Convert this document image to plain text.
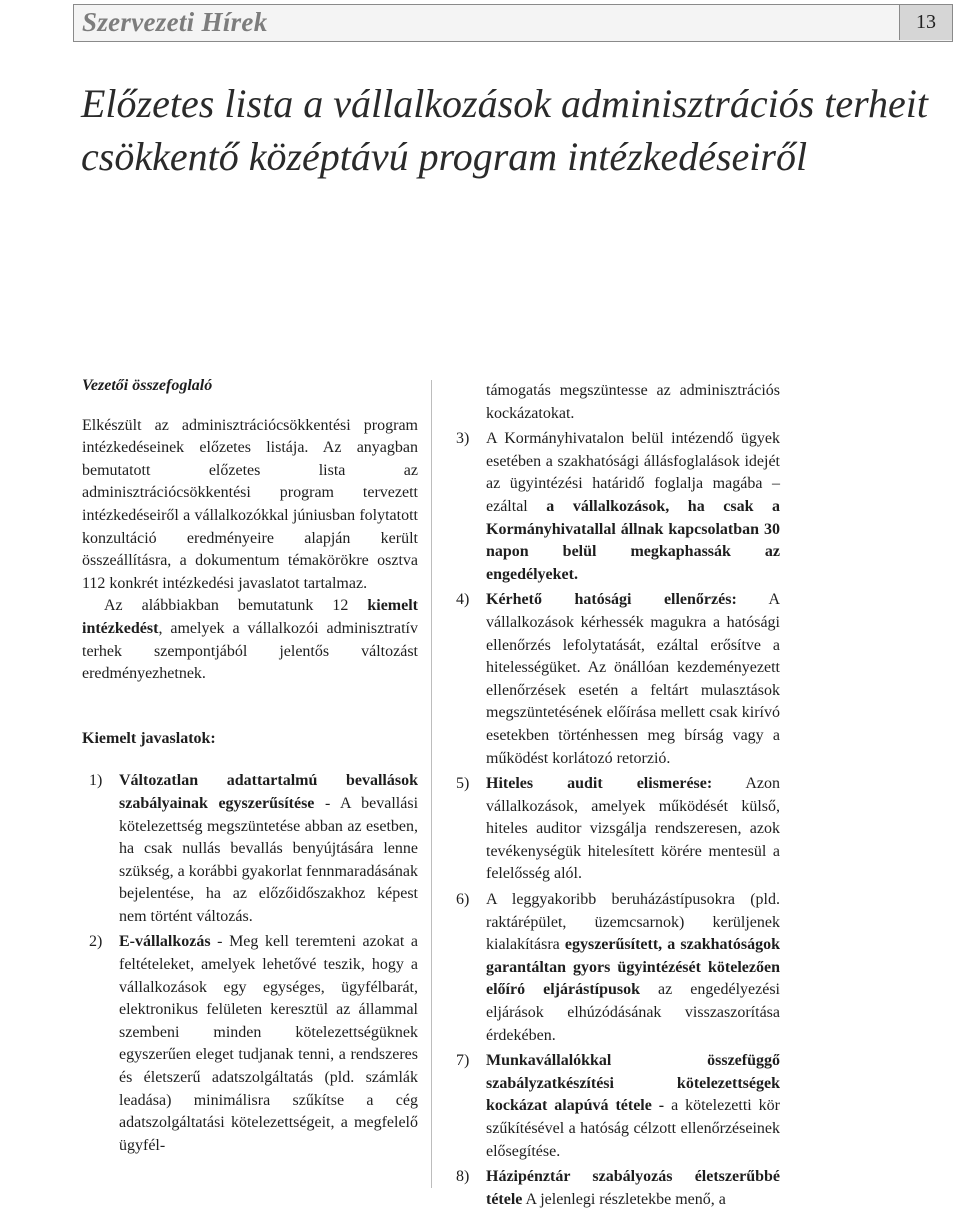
Szervezeti Hírek	13
Előzetes lista a vállalkozások adminisztrációs terheit csökkentő középtávú program intézkedéseiről

Vezetői összefoglaló

Elkészült az adminisztrációcsökkentési program intézkedéseinek előzetes listája. Az anyagban bemutatott előzetes lista az adminisztrációcsökkentési program tervezett intézkedéseiről a vállalkozókkal júniusban folytatott konzultáció eredményeire alapján került összeállításra, a dokumentum témakörökre osztva 112 konkrét intézkedési javaslatot tartalmaz.

Az alábbiakban bemutatunk 12 kiemelt intézkedést, amelyek a vállalkozói adminisztratív terhek szempontjából jelentős változást eredményezhetnek.

Kiemelt javaslatok:

1) Változatlan adattartalmú bevallások szabályainak egyszerűsítése - A bevallási kötelezettség megszüntetése abban az esetben, ha csak nullás bevallás benyújtására lenne szükség, a korábbi gyakorlat fennmaradásának bejelentése, ha az előzőidőszakhoz képest nem történt változás.
2) E-vállalkozás - Meg kell teremteni azokat a feltételeket, amelyek lehetővé teszik, hogy a vállalkozások egy egységes, ügyfélbarát, elektronikus felületen keresztül az állammal szembeni minden kötelezettségüknek egyszerűen eleget tudjanak tenni, a rendszeres és életszerű adatszolgáltatás (pld. számlák leadása) minimálisra szűkítse a cég adatszolgáltatási kötelezettségeit, a megfelelő ügyfél-

támogatás megszüntesse az adminisztrációs kockázatokat.

3) A Kormányhivatalon belül intézendő ügyek esetében a szakhatósági állásfoglalások idejét az ügyintézési határidő foglalja magába – ezáltal a vállalkozások, ha csak a Kormányhivatallal állnak kapcsolatban 30 napon belül megkaphassák az engedélyeket.
4) Kérhető hatósági ellenőrzés: A vállalkozások kérhessék magukra a hatósági ellenőrzés lefolytatását, ezáltal erősítve a hitelességüket. Az önállóan kezdeményezett ellenőrzések esetén a feltárt mulasztások megszüntetésének előírása mellett csak kirívó esetekben történhessen meg bírság vagy a működést korlátozó retorzió.
5) Hiteles audit elismerése: Azon vállalkozások, amelyek működését külső, hiteles auditor vizsgálja rendszeresen, azok tevékenységük hitelesített körére mentesül a felelősség alól.
6) A leggyakoribb beruházástípusokra (pld. raktárépület, üzemcsarnok) kerüljenek kialakításra egyszerűsített, a szakhatóságok garantáltan gyors ügyintézését kötelezően előíró eljárástípusok az engedélyezési eljárások elhúzódásának visszaszorítása érdekében.
7) Munkavállalókkal összefüggő szabályzatkészítési kötelezettségek kockázat alapúvá tétele - a kötelezetti kör szűkítésével a hatóság célzott ellenőrzéseinek elősegítése.
8) Házipénztár szabályozás életszerűbbé tétele A jelenlegi részletekbe menő, a
